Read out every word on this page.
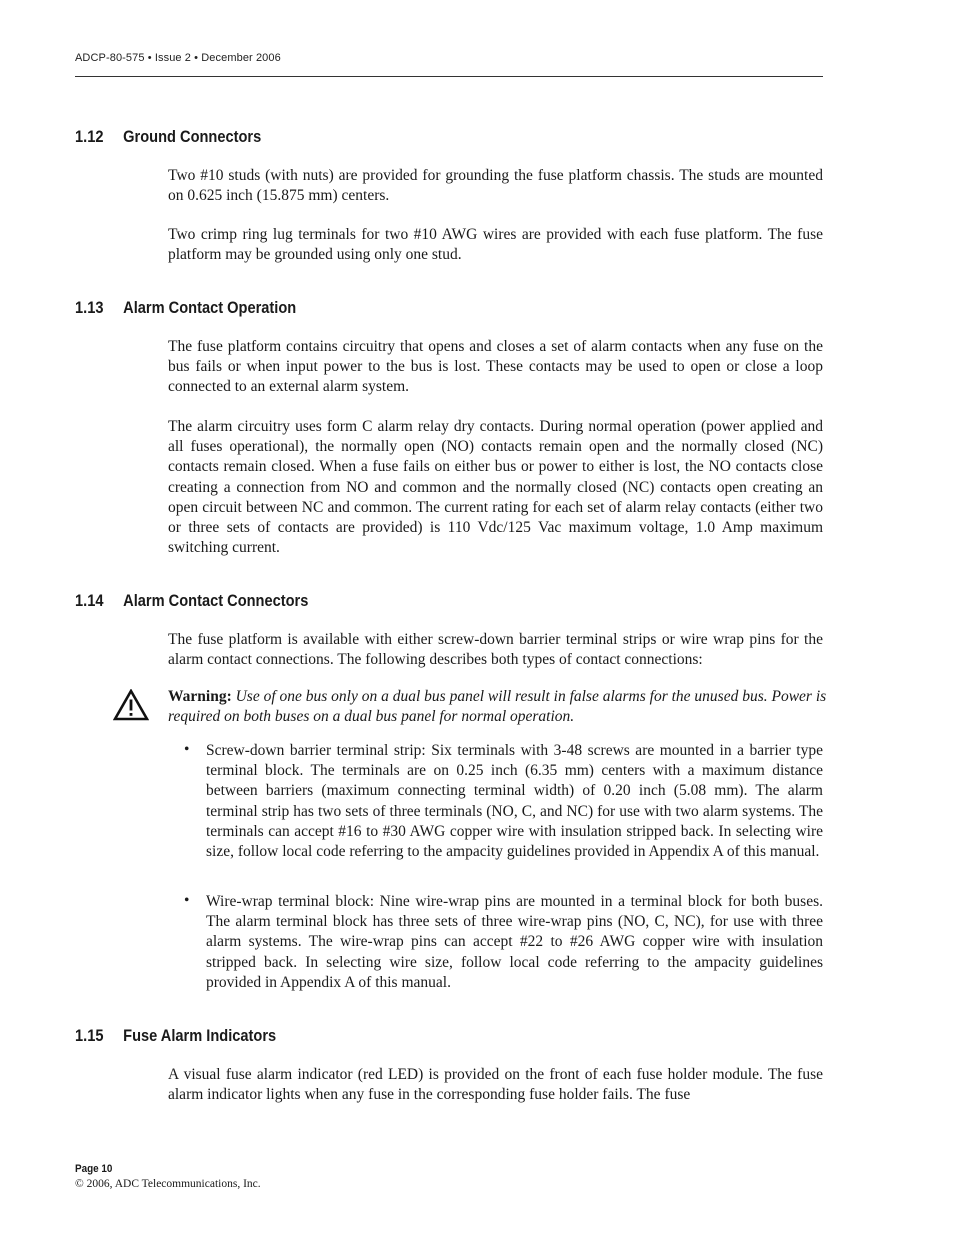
ADCP-80-575 • Issue 2 • December 2006
1.12 Ground Connectors

Two #10 studs (with nuts) are provided for grounding the fuse platform chassis. The studs are mounted on 0.625 inch (15.875 mm) centers.

Two crimp ring lug terminals for two #10 AWG wires are provided with each fuse platform. The fuse platform may be grounded using only one stud.

1.13 Alarm Contact Operation

The fuse platform contains circuitry that opens and closes a set of alarm contacts when any fuse on the bus fails or when input power to the bus is lost. These contacts may be used to open or close a loop connected to an external alarm system.

The alarm circuitry uses form C alarm relay dry contacts. During normal operation (power applied and all fuses operational), the normally open (NO) contacts remain open and the normally closed (NC) contacts remain closed. When a fuse fails on either bus or power to either is lost, the NO contacts close creating a connection from NO and common and the normally closed (NC) contacts open creating an open circuit between NC and common. The current rating for each set of alarm relay contacts (either two or three sets of contacts are provided) is 110 Vdc/125 Vac maximum voltage, 1.0 Amp maximum switching current.

1.14 Alarm Contact Connectors

The fuse platform is available with either screw-down barrier terminal strips or wire wrap pins for the alarm contact connections. The following describes both types of contact connections:

Warning: Use of one bus only on a dual bus panel will result in false alarms for the unused bus. Power is required on both buses on a dual bus panel for normal operation.

• Screw-down barrier terminal strip: Six terminals with 3-48 screws are mounted in a barrier type terminal block. The terminals are on 0.25 inch (6.35 mm) centers with a maximum distance between barriers (maximum connecting terminal width) of 0.20 inch (5.08 mm). The alarm terminal strip has two sets of three terminals (NO, C, and NC) for use with two alarm systems. The terminals can accept #16 to #30 AWG copper wire with insulation stripped back. In selecting wire size, follow local code referring to the ampacity guidelines provided in Appendix A of this manual.

• Wire-wrap terminal block: Nine wire-wrap pins are mounted in a terminal block for both buses. The alarm terminal block has three sets of three wire-wrap pins (NO, C, NC), for use with three alarm systems. The wire-wrap pins can accept #22 to #26 AWG copper wire with insulation stripped back. In selecting wire size, follow local code referring to the ampacity guidelines provided in Appendix A of this manual.

1.15 Fuse Alarm Indicators

A visual fuse alarm indicator (red LED) is provided on the front of each fuse holder module. The fuse alarm indicator lights when any fuse in the corresponding fuse holder fails. The fuse

Page 10
© 2006, ADC Telecommunications, Inc.
